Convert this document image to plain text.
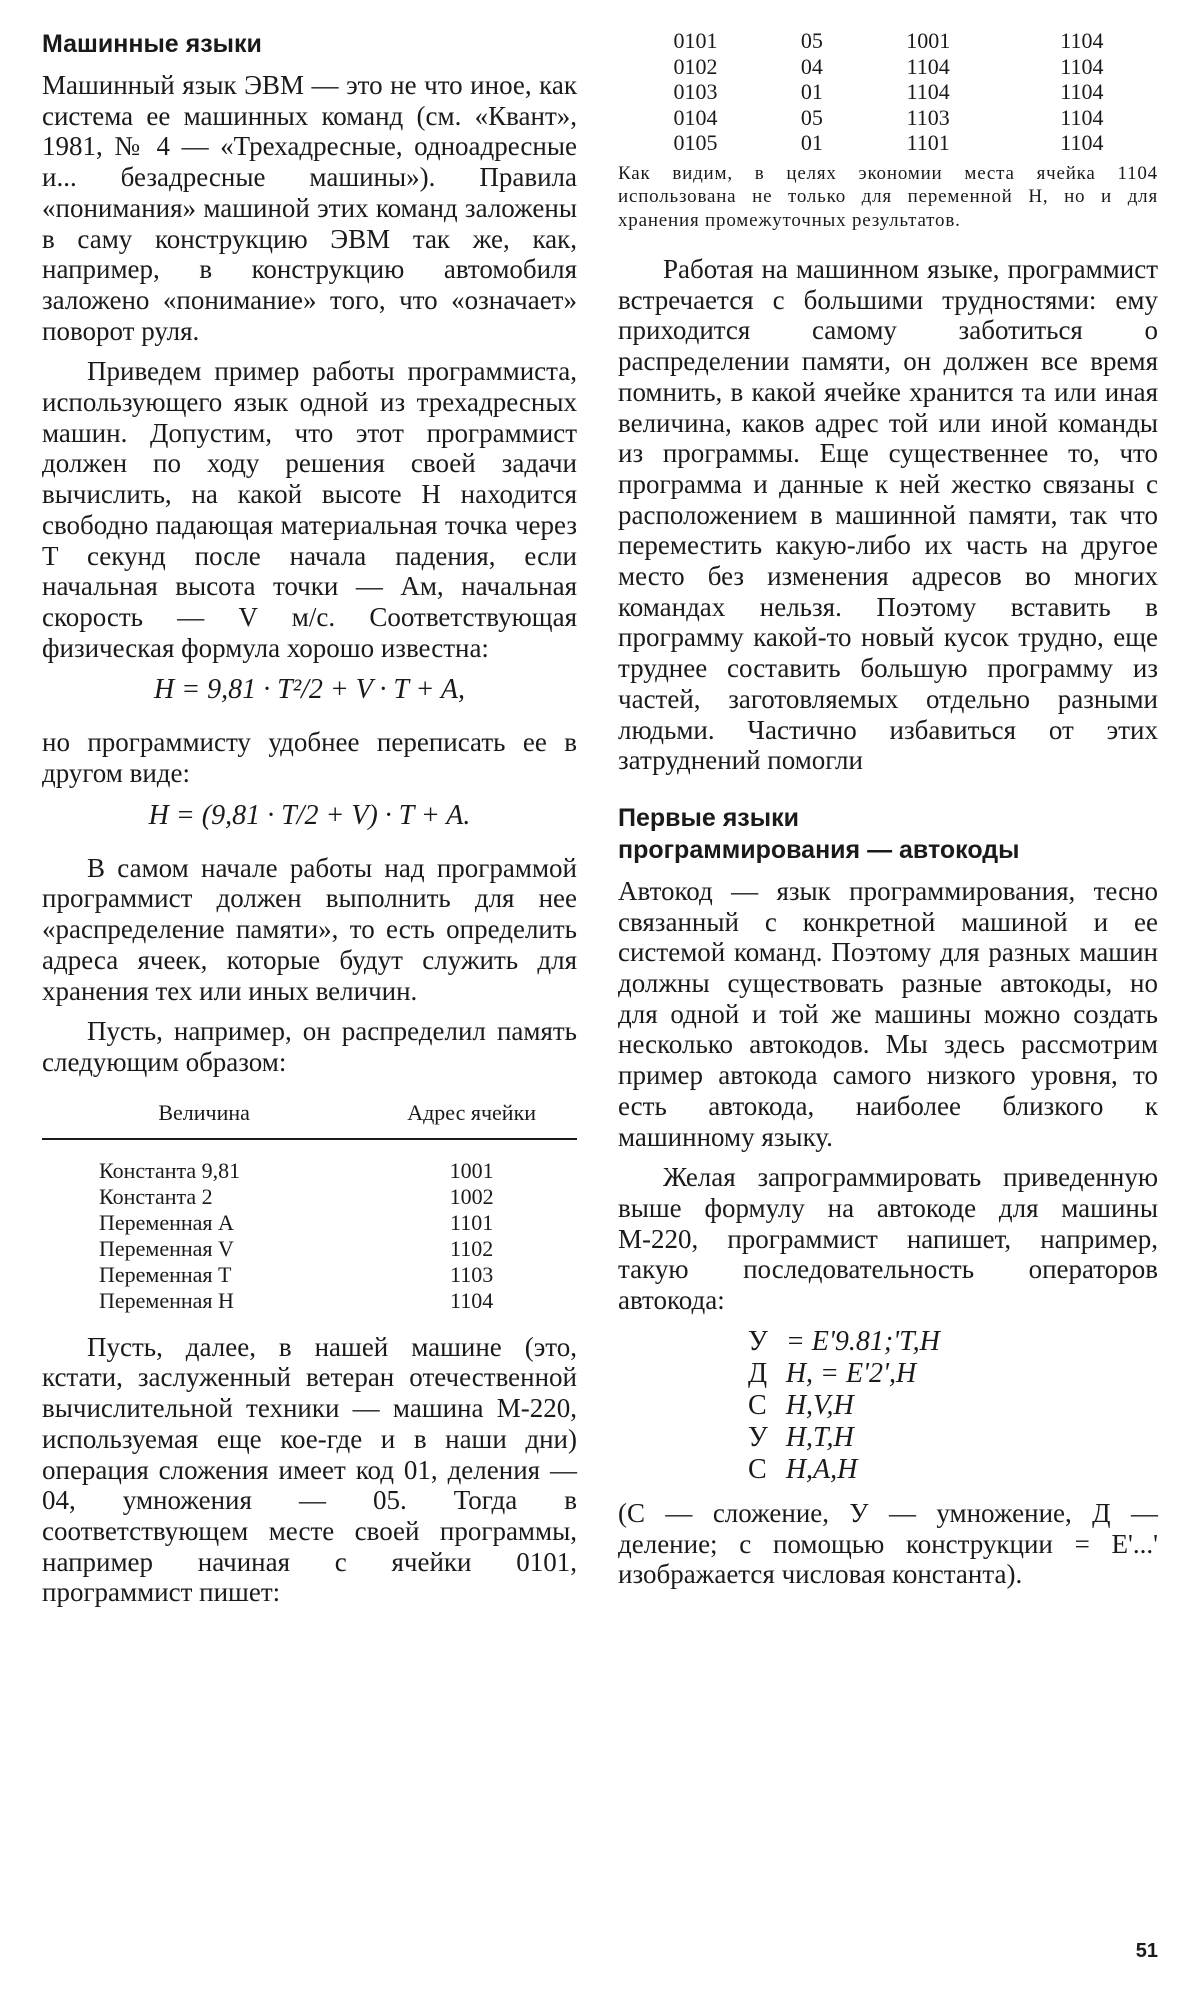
Машинные языки

Машинный язык ЭВМ — это не что иное, как система ее машинных команд (см. «Квант», 1981, № 4 — «Трехадресные, одноадресные и... безадресные машины»). Правила «понимания» машиной этих команд заложены в саму конструкцию ЭВМ так же, как, например, в конструкцию автомобиля заложено «понимание» того, что «означает» поворот руля.

Приведем пример работы программиста, использующего язык одной из трехадресных машин. Допустим, что этот программист должен по ходу решения своей задачи вычислить, на какой высоте H находится свободно падающая материальная точка через T секунд после начала падения, если начальная высота точки — Aм, начальная скорость — V м/с. Соответствующая физическая формула хорошо известна:

H = 9,81 · T²/2 + V · T + A,

но программисту удобнее переписать ее в другом виде:

H = (9,81 · T/2 + V) · T + A.

В самом начале работы над программой программист должен выполнить для нее «распределение памяти», то есть определить адреса ячеек, которые будут служить для хранения тех или иных величин.

Пусть, например, он распределил память следующим образом:

Величина	Адрес ячейки
Константа 9,81	1001
Константа 2	1002
Переменная A	1101
Переменная V	1102
Переменная T	1103
Переменная H	1104

Пусть, далее, в нашей машине (это, кстати, заслуженный ветеран отечественной вычислительной техники — машина М-220, используемая еще кое-где и в наши дни) операция сложения имеет код 01, деления — 04, умножения — 05. Тогда в соответствующем месте своей программы, например начиная с ячейки 0101, программист пишет:

0101	05	1001	1104
0102	04	1104	1104
0103	01	1104	1104
0104	05	1103	1104
0105	01	1101	1104
Как видим, в целях экономии места ячейка 1104 использована не только для переменной H, но и для хранения промежуточных результатов.

Работая на машинном языке, программист встречается с большими трудностями: ему приходится самому заботиться о распределении памяти, он должен все время помнить, в какой ячейке хранится та или иная величина, каков адрес той или иной команды из программы. Еще существеннее то, что программа и данные к ней жестко связаны с расположением в машинной памяти, так что переместить какую-либо их часть на другое место без изменения адресов во многих командах нельзя. Поэтому вставить в программу какой-то новый кусок трудно, еще труднее составить большую программу из частей, заготовляемых отдельно разными людьми. Частично избавиться от этих затруднений помогли

Первые языки
программирования — автокоды

Автокод — язык программирования, тесно связанный с конкретной машиной и ее системой команд. Поэтому для разных машин должны существовать разные автокоды, но для одной и той же машины можно создать несколько автокодов. Мы здесь рассмотрим пример автокода самого низкого уровня, то есть автокода, наиболее близкого к машинному языку.

Желая запрограммировать приведенную выше формулу на автокоде для машины М-220, программист напишет, например, такую последовательность операторов автокода:

У	= E'9.81;'T,H
Д	H, = E'2',H
С	H,V,H
У	H,T,H
С	H,A,H

(С — сложение, У — умножение, Д — деление; с помощью конструкции = E'...' изображается числовая константа).

51
